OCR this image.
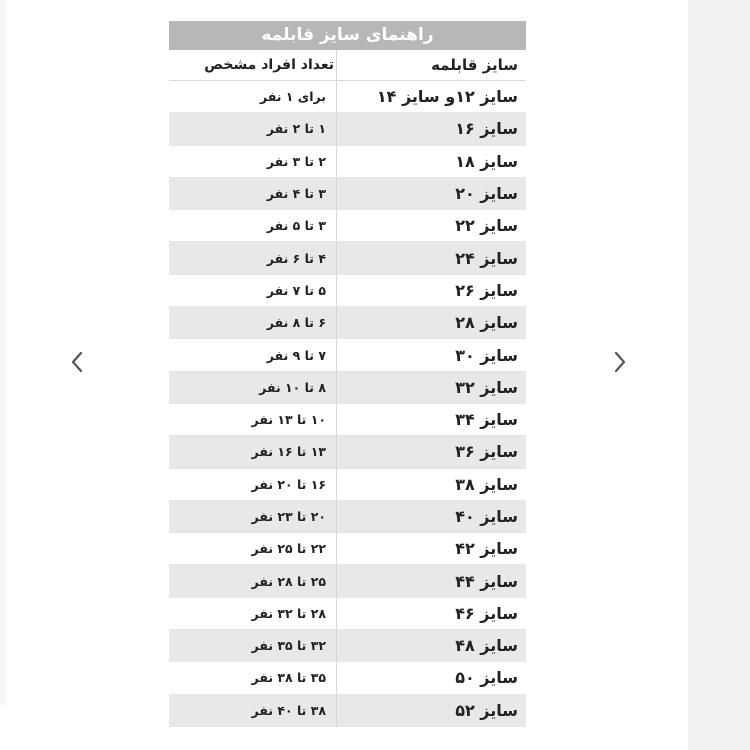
راهنمای سایز قابلمه
سایز قابلمه
تعداد افراد مشخص
سایز ۱۲و سایز ۱۴
برای ۱ نفر
سایز ۱۶
۱ تا ۲ نفر
سایز ۱۸
۲ تا ۳ نفر
سایز ۲۰
۳ تا ۴ نفر
سایز ۲۲
۳ تا ۵ نفر
سایز ۲۴
۴ تا ۶ نفر
سایز ۲۶
۵ تا ۷ نفر
سایز ۲۸
۶ تا ۸ نفر
سایز ۳۰
۷ تا ۹ نفر
سایز ۳۲
۸ تا ۱۰ نفر
سایز ۳۴
۱۰ تا ۱۳ نفر
سایز ۳۶
۱۳ تا ۱۶ نفر
سایز ۳۸
۱۶ تا ۲۰ نفر
سایز ۴۰
۲۰ تا ۲۳ نفر
سایز ۴۲
۲۲ تا ۲۵ نفر
سایز ۴۴
۲۵ تا ۲۸ نفر
سایز ۴۶
۲۸ تا ۳۲ نفر
سایز ۴۸
۳۲ تا ۳۵ نفر
سایز ۵۰
۳۵ تا ۳۸ نفر
سایز ۵۲
۳۸ تا ۴۰ نفر
